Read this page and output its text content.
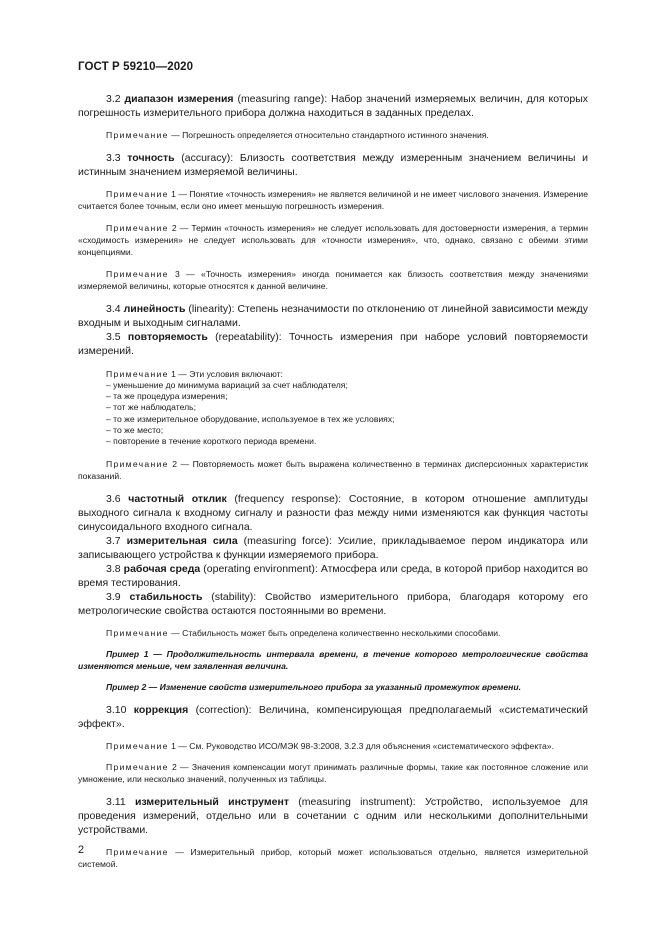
ГОСТ Р 59210—2020

3.2 диапазон измерения (measuring range): Набор значений измеряемых величин, для которых погрешность измерительного прибора должна находиться в заданных пределах.

Примечание — Погрешность определяется относительно стандартного истинного значения.

3.3 точность (accuracy): Близость соответствия между измеренным значением величины и истинным значением измеряемой величины.

Примечание 1 — Понятие «точность измерения» не является величиной и не имеет числового значения. Измерение считается более точным, если оно имеет меньшую погрешность измерения.

Примечание 2 — Термин «точность измерения» не следует использовать для достоверности измерения, а термин «сходимость измерения» не следует использовать для «точности измерения», что, однако, связано с обеими этими концепциями.

Примечание 3 — «Точность измерения» иногда понимается как близость соответствия между значениями измеряемой величины, которые относятся к данной величине.

3.4 линейность (linearity): Степень незначимости по отклонению от линейной зависимости между входным и выходным сигналами.

3.5 повторяемость (repeatability): Точность измерения при наборе условий повторяемости измерений.

Примечание 1 — Эти условия включают:

– уменьшение до минимума вариаций за счет наблюдателя;
– та же процедура измерения;
– тот же наблюдатель;
– то же измерительное оборудование, используемое в тех же условиях;
– то же место;
– повторение в течение короткого периода времени.

Примечание 2 — Повторяемость может быть выражена количественно в терминах дисперсионных характеристик показаний.

3.6 частотный отклик (frequency response): Состояние, в котором отношение амплитуды выходного сигнала к входному сигналу и разности фаз между ними изменяются как функция частоты синусоидального входного сигнала.

3.7 измерительная сила (measuring force): Усилие, прикладываемое пером индикатора или записывающего устройства к функции измеряемого прибора.

3.8 рабочая среда (operating environment): Атмосфера или среда, в которой прибор находится во время тестирования.

3.9 стабильность (stability): Свойство измерительного прибора, благодаря которому его метрологические свойства остаются постоянными во времени.

Примечание — Стабильность может быть определена количественно несколькими способами.

Пример 1 — Продолжительность интервала времени, в течение которого метрологические свойства изменяются меньше, чем заявленная величина.

Пример 2 — Изменение свойств измерительного прибора за указанный промежуток времени.

3.10 коррекция (correction): Величина, компенсирующая предполагаемый «систематический эффект».

Примечание 1 — См. Руководство ИСО/МЭК 98-3:2008, 3.2.3 для объяснения «систематического эффекта».

Примечание 2 — Значения компенсации могут принимать различные формы, такие как постоянное сложение или умножение, или несколько значений, полученных из таблицы.

3.11 измерительный инструмент (measuring instrument): Устройство, используемое для проведения измерений, отдельно или в сочетании с одним или несколькими дополнительными устройствами.

Примечание — Измерительный прибор, который может использоваться отдельно, является измерительной системой.

2
